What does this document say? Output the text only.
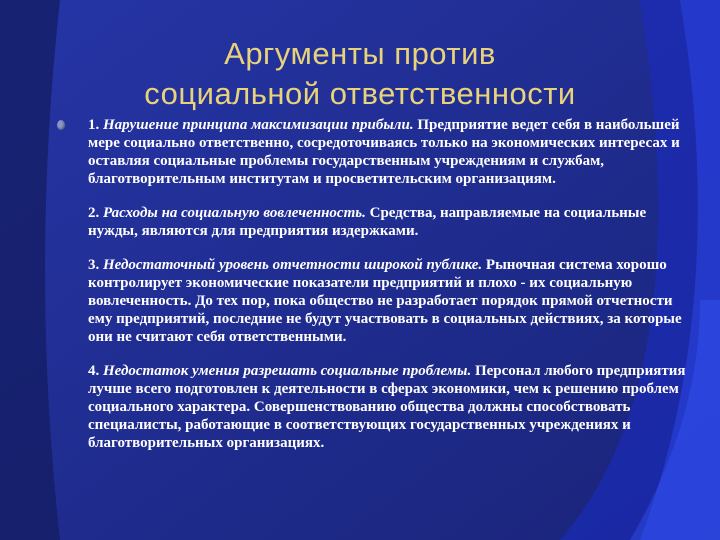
Аргументы против
социальной ответственности

1. Нарушение принципа максимизации прибыли. Предприятие ведет себя в наибольшей мере социально ответственно, сосредоточиваясь только на экономических интересах и оставляя социальные проблемы государственным учреждениям и службам, благотворительным институтам и просветительским организациям.

2. Расходы на социальную вовлеченность. Средства, направляемые на социальные нужды, являются для предприятия издержками.

3. Недостаточный уровень отчетности широкой публике. Рыночная система хорошо контролирует экономические показатели предприятий и плохо - их социальную вовлеченность. До тех пор, пока общество не разработает порядок прямой отчетности ему предприятий, последние не будут участвовать в социальных действиях, за которые они не считают себя ответственными.

4. Недостаток умения разрешать социальные проблемы. Персонал любого предприятия лучше всего подготовлен к деятельности в сферах экономики, чем к решению проблем социального характера. Совершенствованию общества должны способствовать специалисты, работающие в соответствующих государственных учреждениях и благотворительных организациях.
